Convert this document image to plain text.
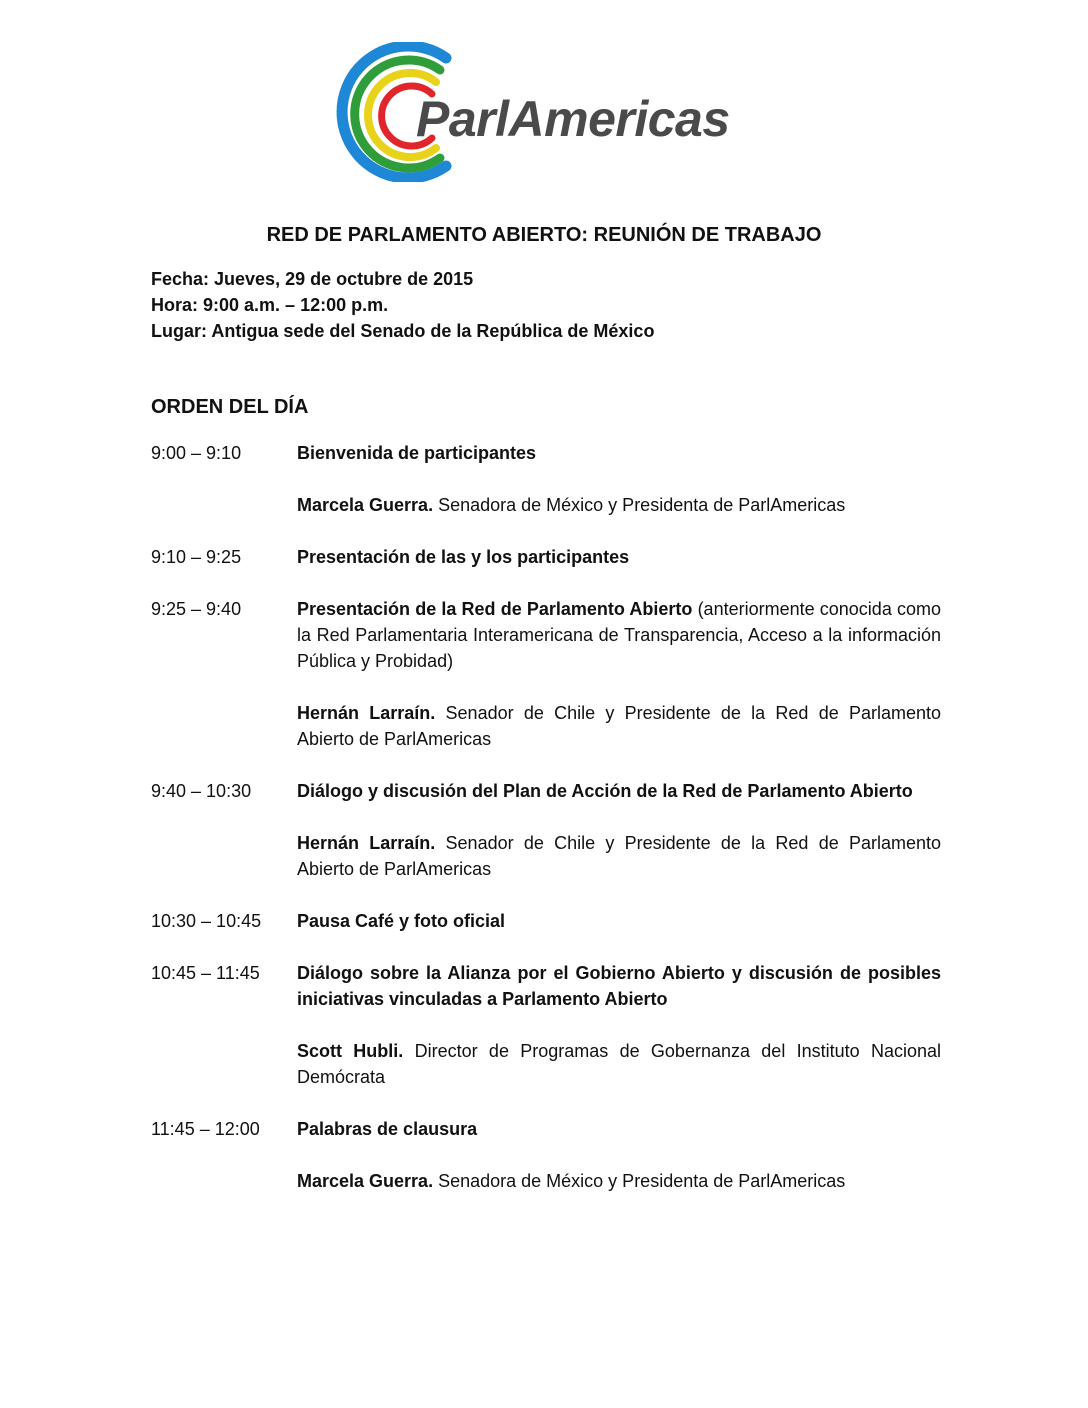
ParlAmericas
RED DE PARLAMENTO ABIERTO: REUNIÓN DE TRABAJO
Fecha: Jueves, 29 de octubre de 2015
Hora: 9:00 a.m. – 12:00 p.m.
Lugar: Antigua sede del Senado de la República de México
ORDEN DEL DÍA
9:00 – 9:10	Bienvenida de participantes

Marcela Guerra. Senadora de México y Presidenta de ParlAmericas

9:10 – 9:25	Presentación de las y los participantes

9:25 – 9:40	Presentación de la Red de Parlamento Abierto (anteriormente conocida como la Red Parlamentaria Interamericana de Transparencia, Acceso a la información Pública y Probidad)

Hernán Larraín. Senador de Chile y Presidente de la Red de Parlamento Abierto de ParlAmericas

9:40 – 10:30	Diálogo y discusión del Plan de Acción de la Red de Parlamento Abierto

Hernán Larraín. Senador de Chile y Presidente de la Red de Parlamento Abierto de ParlAmericas

10:30 – 10:45	Pausa Café y foto oficial

10:45 – 11:45	Diálogo sobre la Alianza por el Gobierno Abierto y discusión de posibles iniciativas vinculadas a Parlamento Abierto

Scott Hubli. Director de Programas de Gobernanza del Instituto Nacional Demócrata

11:45 – 12:00	Palabras de clausura

Marcela Guerra. Senadora de México y Presidenta de ParlAmericas
